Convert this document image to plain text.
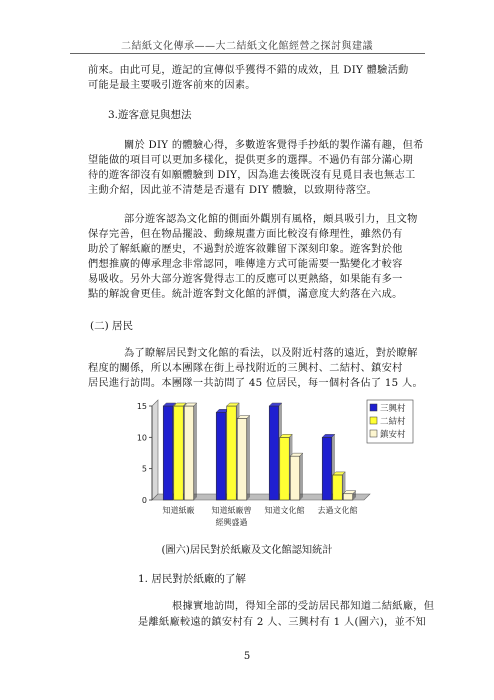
二結紙文化傳承——大二結紙文化館經營之探討與建議
前來。由此可見，遊記的宣傳似乎獲得不錯的成效，且 DIY 體驗活動
可能是最主要吸引遊客前來的因素。
3.遊客意見與想法
關於 DIY 的體驗心得，多數遊客覺得手抄紙的製作滿有趣，但希
望能做的項目可以更加多樣化，提供更多的選擇。不過仍有部分滿心期
待的遊客卻沒有如願體驗到 DIY，因為進去後既沒有見覓目表也無志工
主動介紹，因此並不清楚是否還有 DIY 體驗，以致期待落空。
部分遊客認為文化館的側面外觀別有風格，頗具吸引力，且文物
保存完善，但在物品擺設、動線規畫方面比較沒有條理性，雖然仍有
助於了解紙廠的歷史，不過對於遊客敘難留下深刻印象。遊客對於他
們想推廣的傳承理念非常認同，唯傳達方式可能需要一點變化才較容
易吸收。另外大部分遊客覺得志工的反應可以更熱絡，如果能有多一
點的解說會更佳。統計遊客對文化館的評價，滿意度大約落在六成。
(二) 居民
為了瞭解居民對文化館的看法，以及附近村落的遠近，對於瞭解
程度的關係，所以本團隊在街上尋找附近的三興村、二結村、鎮安村
居民進行訪問。本團隊一共訪問了 45 位居民，每一個村各佔了 15 人。
0
5
10
15
知道紙廠 知道紙廠曾
經興盛過
知道文化館 去過文化館
三興村
二結村
鎮安村
(圖六)居民對於紙廠及文化館認知統計
1. 居民對於紙廠的了解
根據實地訪問，得知全部的受訪居民都知道二結紙廠，但
是離紙廠較遠的鎮安村有 2 人、三興村有 1 人(圖六)，並不知
5
